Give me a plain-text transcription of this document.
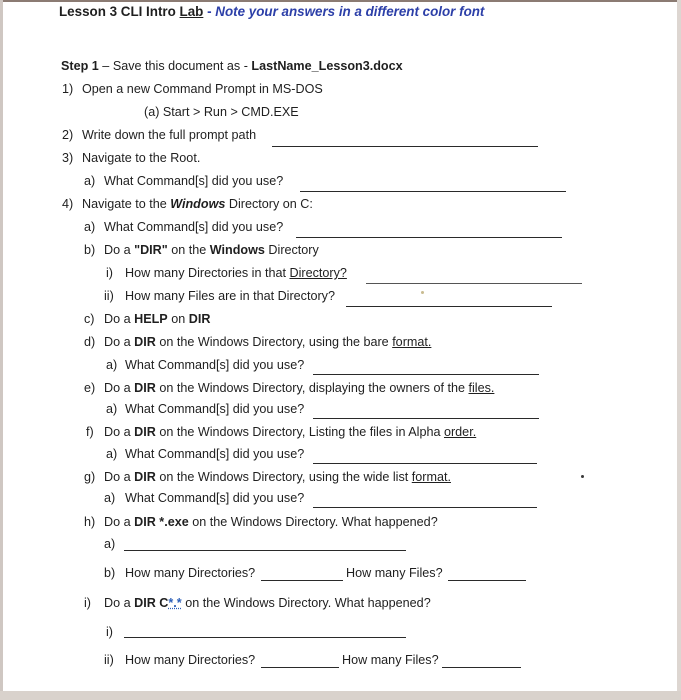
Lesson 3 CLI Intro Lab - Note your answers in a different color font
Step 1 – Save this document as - LastName_Lesson3.docx
1) Open a new Command Prompt in MS-DOS
(a) Start > Run > CMD.EXE
2) Write down the full prompt path
3) Navigate to the Root.
a) What Command[s] did you use?
4) Navigate to the Windows Directory on C:
a) What Command[s] did you use?
b) Do a "DIR" on the Windows Directory
i) How many Directories in that Directory?
ii) How many Files are in that Directory?
c) Do a HELP on DIR
d) Do a DIR on the Windows Directory, using the bare format.
a) What Command[s] did you use?
e) Do a DIR on the Windows Directory, displaying the owners of the files.
a) What Command[s] did you use?
f) Do a DIR on the Windows Directory, Listing the files in Alpha order.
a) What Command[s] did you use?
g) Do a DIR on the Windows Directory, using the wide list format.
a) What Command[s] did you use?
h) Do a DIR *.exe on the Windows Directory. What happened?
a)
b) How many Directories?	How many Files?
i) Do a DIR C*.* on the Windows Directory. What happened?
i)
ii) How many Directories?	How many Files?
